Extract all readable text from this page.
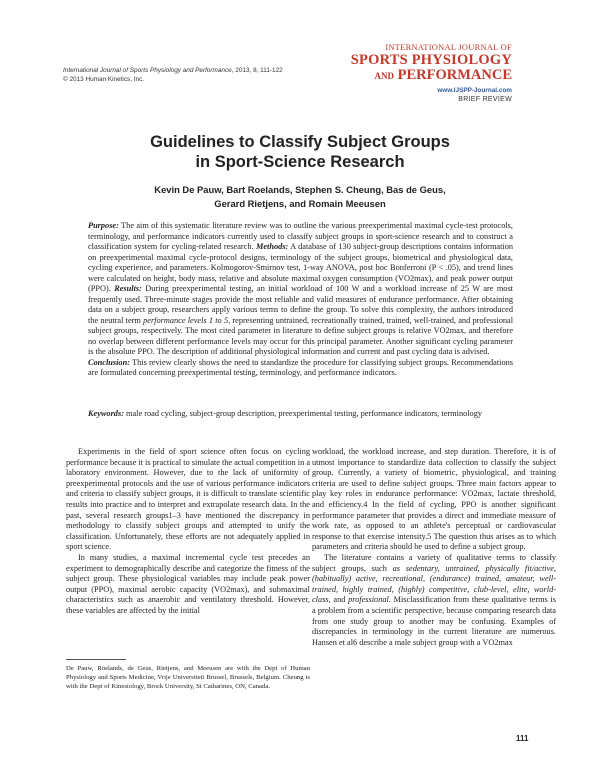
International Journal of Sports Physiology and Performance, 2013, 8, 111-122
© 2013 Human Kinetics, Inc.
INTERNATIONAL JOURNAL OF
SPORTS PHYSIOLOGY
AND PERFORMANCE
www.IJSPP-Journal.com
BRIEF REVIEW
Guidelines to Classify Subject Groups
in Sport-Science Research
Kevin De Pauw, Bart Roelands, Stephen S. Cheung, Bas de Geus,
Gerard Rietjens, and Romain Meeusen

Purpose: The aim of this systematic literature review was to outline the various preexperimental maximal cycle-test protocols, terminology, and performance indicators currently used to classify subject groups in sport-science research and to construct a classification system for cycling-related research. Methods: A database of 130 subject-group descriptions contains information on preexperimental maximal cycle-protocol designs, terminology of the subject groups, biometrical and physiological data, cycling experience, and parameters. Kolmogorov-Smirnov test, 1-way ANOVA, post hoc Bonferroni (P < .05), and trend lines were calculated on height, body mass, relative and absolute maximal oxygen consumption (VO2max), and peak power output (PPO). Results: During preexperimental testing, an initial workload of 100 W and a workload increase of 25 W are most frequently used. Three-minute stages provide the most reliable and valid measures of endurance performance. After obtaining data on a subject group, researchers apply various terms to define the group. To solve this complexity, the authors introduced the neutral term performance levels 1 to 5, representing untrained, recreationally trained, trained, well-trained, and professional subject groups, respectively. The most cited parameter in literature to define subject groups is relative VO2max, and therefore no overlap between different performance levels may occur for this principal parameter. Another significant cycling parameter is the absolute PPO. The description of additional physiological information and current and past cycling data is advised.

Conclusion: This review clearly shows the need to standardize the procedure for classifying subject groups. Recommendations are formulated concerning preexperimental testing, terminology, and performance indicators.

Keywords: male road cycling, subject-group description, preexperimental testing, performance indicators, terminology

Experiments in the field of sport science often focus on cycling performance because it is practical to simulate the actual competition in a laboratory environment. However, due to the lack of uniformity of preexperimental protocols and the use of various performance indicators and criteria to classify subject groups, it is difficult to translate scientific results into practice and to interpret and extrapolate research data. In the past, several research groups1–3 have mentioned the discrepancy in methodology to classify subject groups and attempted to unify the classification. Unfortunately, these efforts are not adequately applied in sport science.

In many studies, a maximal incremental cycle test precedes an experiment to demographically describe and categorize the fitness of the subject group. These physiological variables may include peak power output (PPO), maximal aerobic capacity (VO2max), and submaximal characteristics such as anaerobic and ventilatory threshold. However, these variables are affected by the initial

workload, the workload increase, and step duration. Therefore, it is of utmost importance to standardize data collection to classify the subject group. Currently, a variety of biometric, physiological, and training criteria are used to define subject groups. Three main factors appear to play key roles in endurance performance: VO2max, lactate threshold, and efficiency.4 In the field of cycling, PPO is another significant performance parameter that provides a direct and immediate measure of work rate, as opposed to an athlete's perceptual or cardiovascular response to that exercise intensity.5 The question thus arises as to which parameters and criteria should be used to define a subject group.

The literature contains a variety of qualitative terms to classify subject groups, such as sedentary, untrained, physically fit/active, (habitually) active, recreational, (endurance) trained, amateur, well-trained, highly trained, (highly) competitive, club-level, elite, world-class, and professional. Misclassification from these qualitative terms is a problem from a scientific perspective, because comparing research data from one study group to another may be confusing. Examples of discrepancies in terminology in the current literature are numerous. Hansen et al6 describe a male subject group with a VO2max

De Pauw, Roelands, de Geus, Rietjens, and Meeusen are with the Dept of Human Physiology and Sports Medicine, Vrije Universiteit Brussel, Brussels, Belgium. Cheung is with the Dept of Kinesiology, Brock University, St Catharines, ON, Canada.
111
